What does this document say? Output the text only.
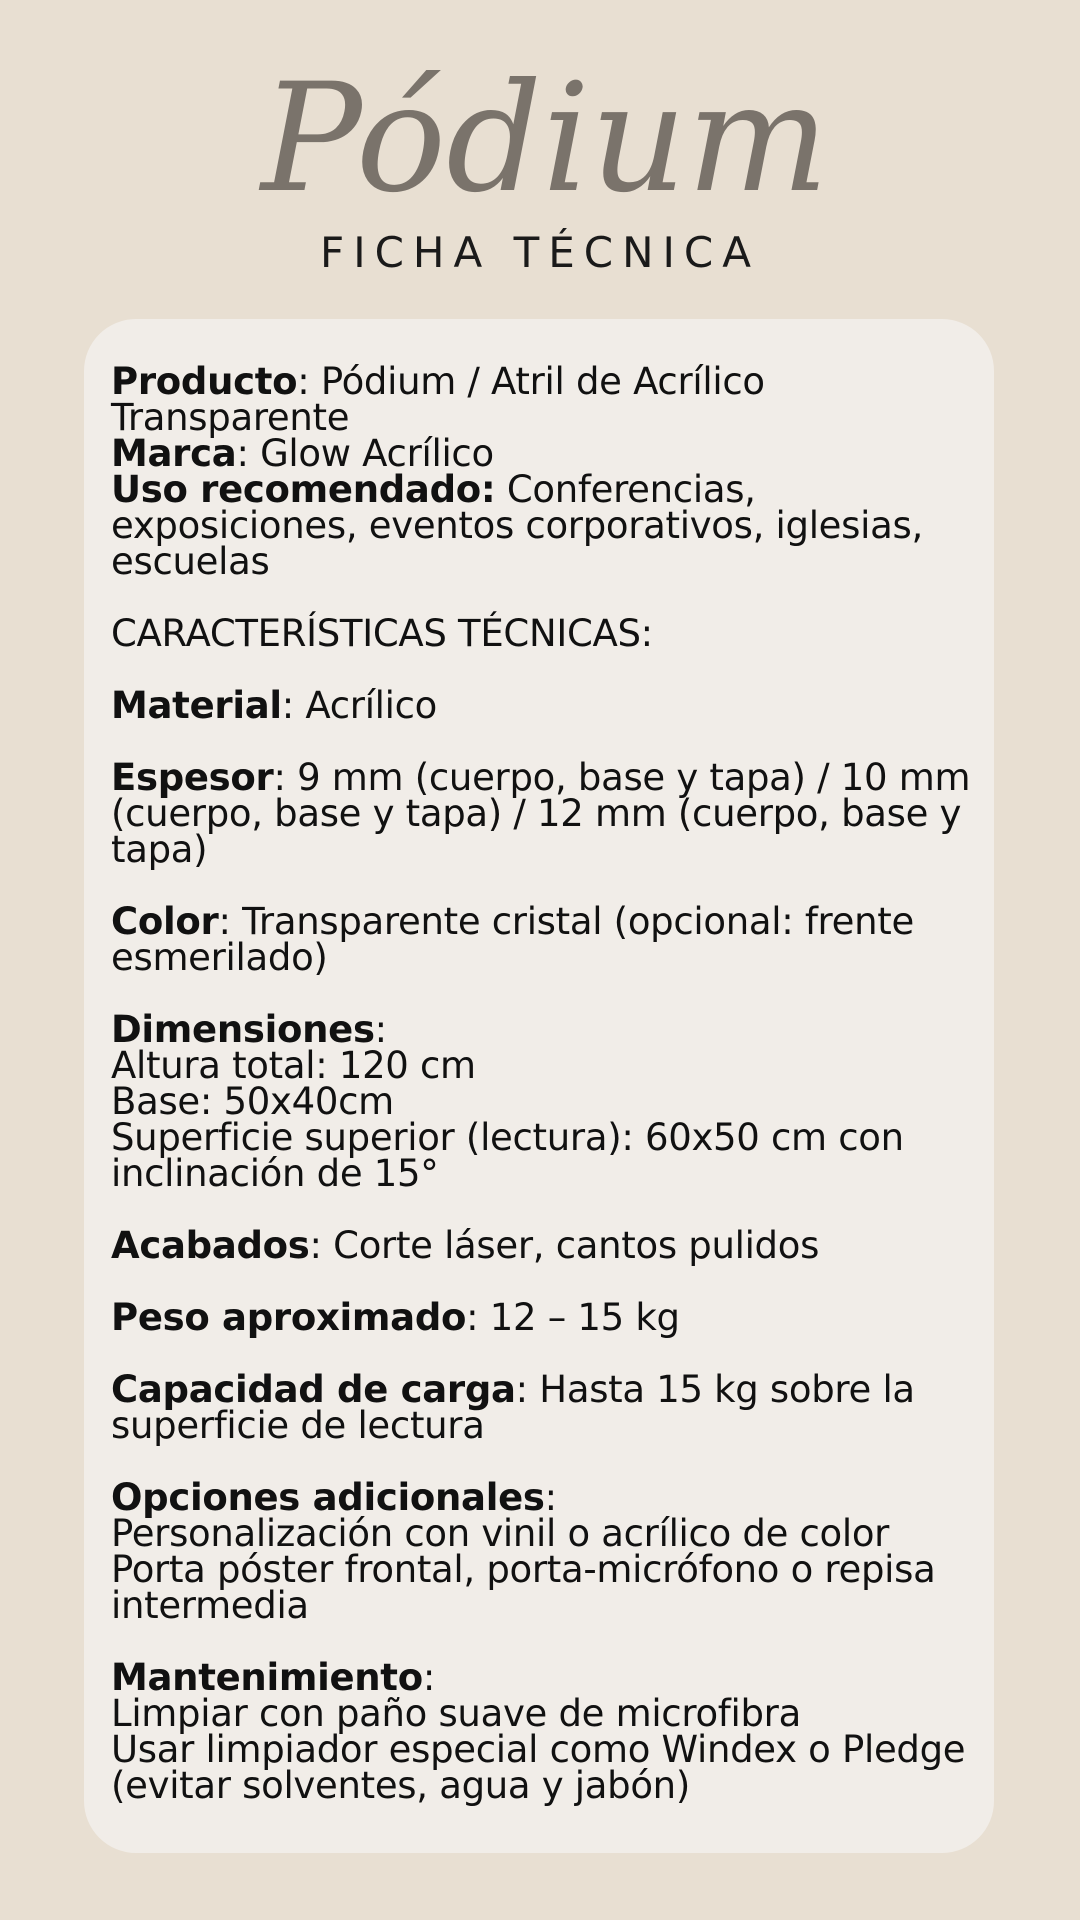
Pódium
FICHA TÉCNICA

Producto: Pódium / Atril de Acrílico Transparente

Marca: Glow Acrílico

Uso recomendado: Conferencias, exposiciones, eventos corporativos, iglesias, escuelas

CARACTERÍSTICAS TÉCNICAS:

Material: Acrílico

Espesor: 9 mm (cuerpo, base y tapa) / 10 mm (cuerpo, base y tapa) / 12 mm (cuerpo, base y tapa)

Color: Transparente cristal (opcional: frente esmerilado)

Dimensiones:

Altura total: 120 cm

Base: 50x40cm

Superficie superior (lectura): 60x50 cm con inclinación de 15°

Acabados: Corte láser, cantos pulidos

Peso aproximado: 12 – 15 kg

Capacidad de carga: Hasta 15 kg sobre la superficie de lectura

Opciones adicionales:

Personalización con vinil o acrílico de color

Porta póster frontal, porta-micrófono o repisa intermedia

Mantenimiento:

Limpiar con paño suave de microfibra

Usar limpiador especial como Windex o Pledge (evitar solventes, agua y jabón)
